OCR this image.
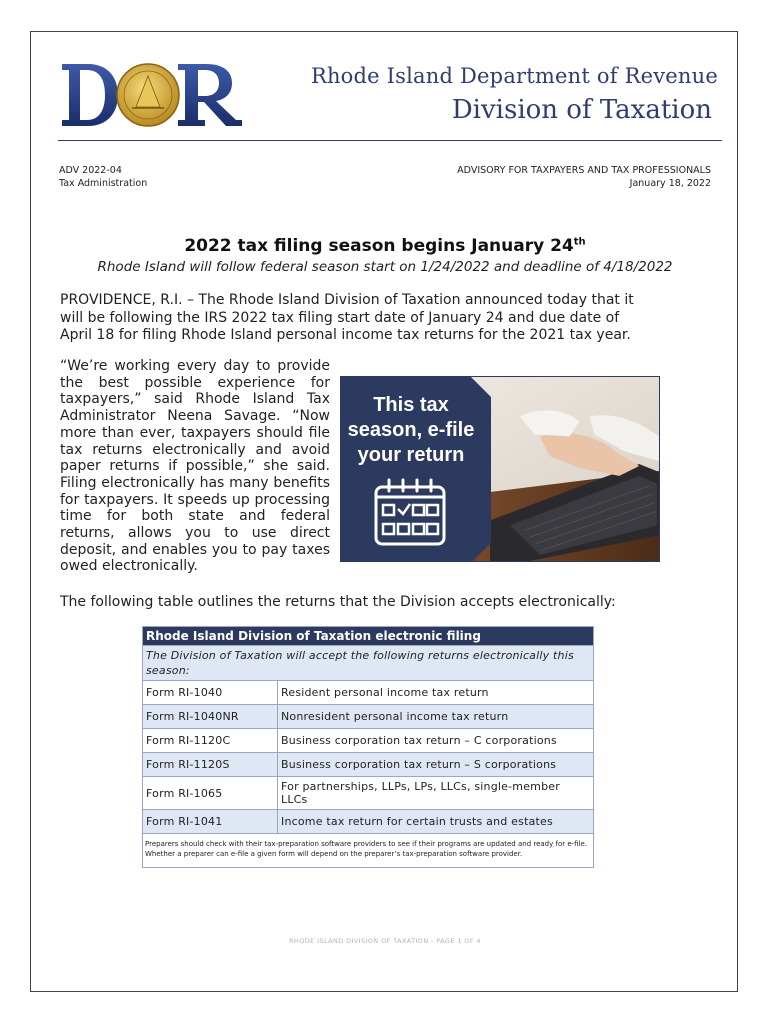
Rhode Island Department of Revenue
Division of Taxation
ADV 2022-04
Tax Administration
ADVISORY FOR TAXPAYERS AND TAX PROFESSIONALS
January 18, 2022
2022 tax filing season begins January 24th
Rhode Island will follow federal season start on 1/24/2022 and deadline of 4/18/2022
PROVIDENCE, R.I. – The Rhode Island Division of Taxation announced today that it will be following the IRS 2022 tax filing start date of January 24 and due date of April 18 for filing Rhode Island personal income tax returns for the 2021 tax year.
“We’re working every day to provide the best possible experience for taxpayers,” said Rhode Island Tax Administrator Neena Savage. “Now more than ever, taxpayers should file tax returns electronically and avoid paper returns if possible,” she said. Filing electronically has many benefits for taxpayers. It speeds up processing time for both state and federal returns, allows you to use direct deposit, and enables you to pay taxes owed electronically.
This tax
season, e-file
your return
The following table outlines the returns that the Division accepts electronically:
Rhode Island Division of Taxation electronic filing	
The Division of Taxation will accept the following returns electronically this season:	
Form RI-1040	Resident personal income tax return
Form RI-1040NR	Nonresident personal income tax return
Form RI-1120C	Business corporation tax return – C corporations
Form RI-1120S	Business corporation tax return – S corporations
Form RI-1065	For partnerships, LLPs, LPs, LLCs, single-member LLCs
Form RI-1041	Income tax return for certain trusts and estates
Preparers should check with their tax-preparation software providers to see if their programs are updated and ready for e-file. Whether a preparer can e-file a given form will depend on the preparer’s tax-preparation software provider.	
RHODE ISLAND DIVISION OF TAXATION - PAGE 1 OF 4
